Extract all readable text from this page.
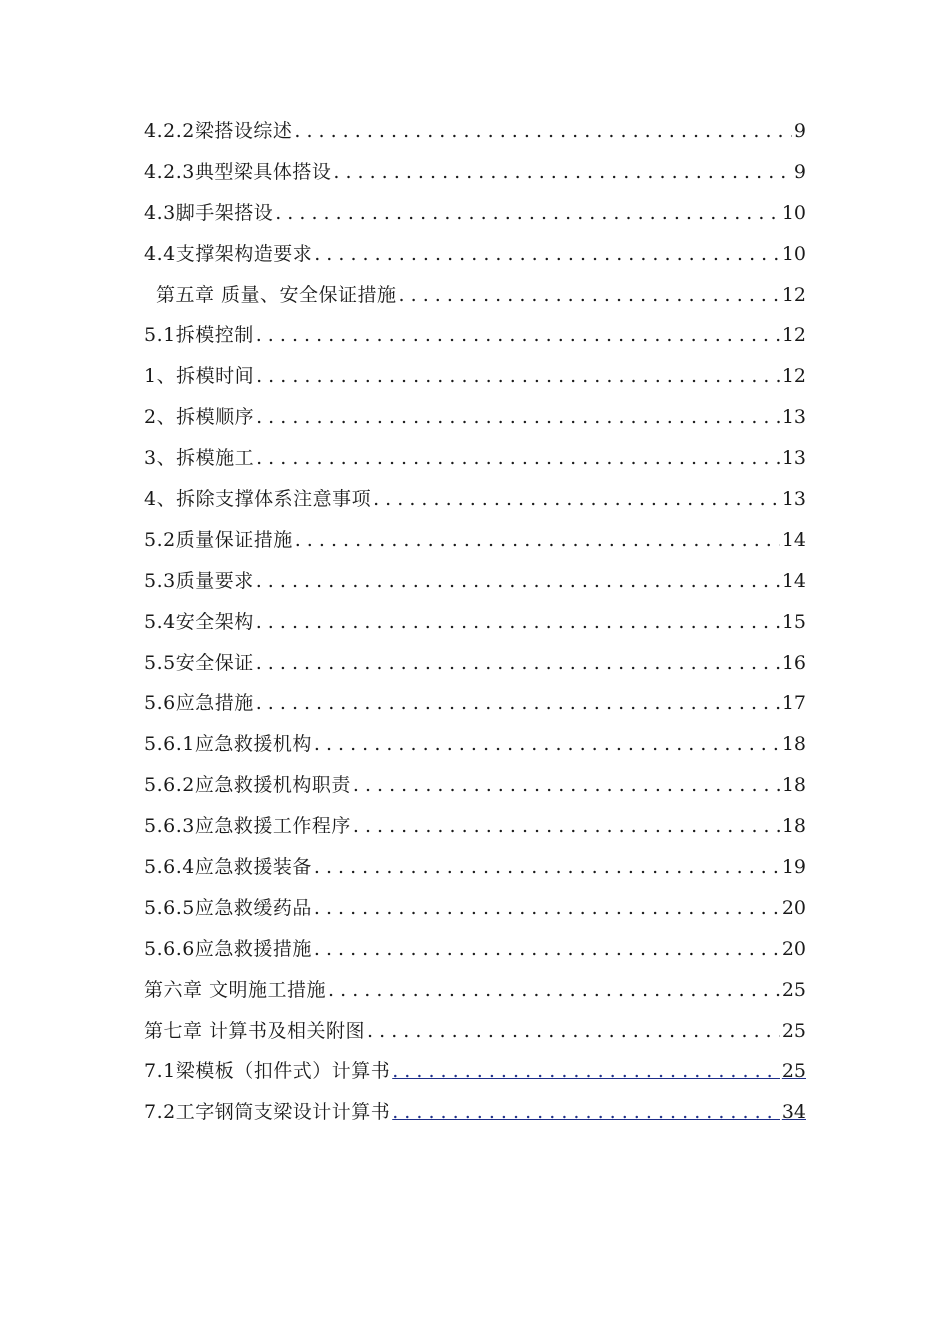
4.2.2梁搭设综述 . . .	9
4.2.3典型梁具体搭设 . . .	9
4.3脚手架搭设 . . .	10
4.4支撑架构造要求 . . .	10
第五章 质量、安全保证措施 . . .	12
5.1拆模控制 . . .	12
1、拆模时间 . . .	12
2、拆模顺序 . . .	13
3、拆模施工 . . .	13
4、拆除支撑体系注意事项 . . .	13
5.2质量保证措施 . . .	14
5.3质量要求 . . .	14
5.4安全架构 . . .	15
5.5安全保证 . . .	16
5.6应急措施 . . .	17
5.6.1应急救援机构 . . .	18
5.6.2应急救援机构职责 . . .	18
5.6.3应急救援工作程序 . . .	18
5.6.4应急救援装备 . . .	19
5.6.5应急救缓药品 . . .	20
5.6.6应急救援措施 . . .	20
第六章 文明施工措施 . . .	25
第七章 计算书及相关附图 . . .	25
7.1梁模板（扣件式）计算书 . . .	25
7.2工字钢筒支梁设计计算书 . . .	34
